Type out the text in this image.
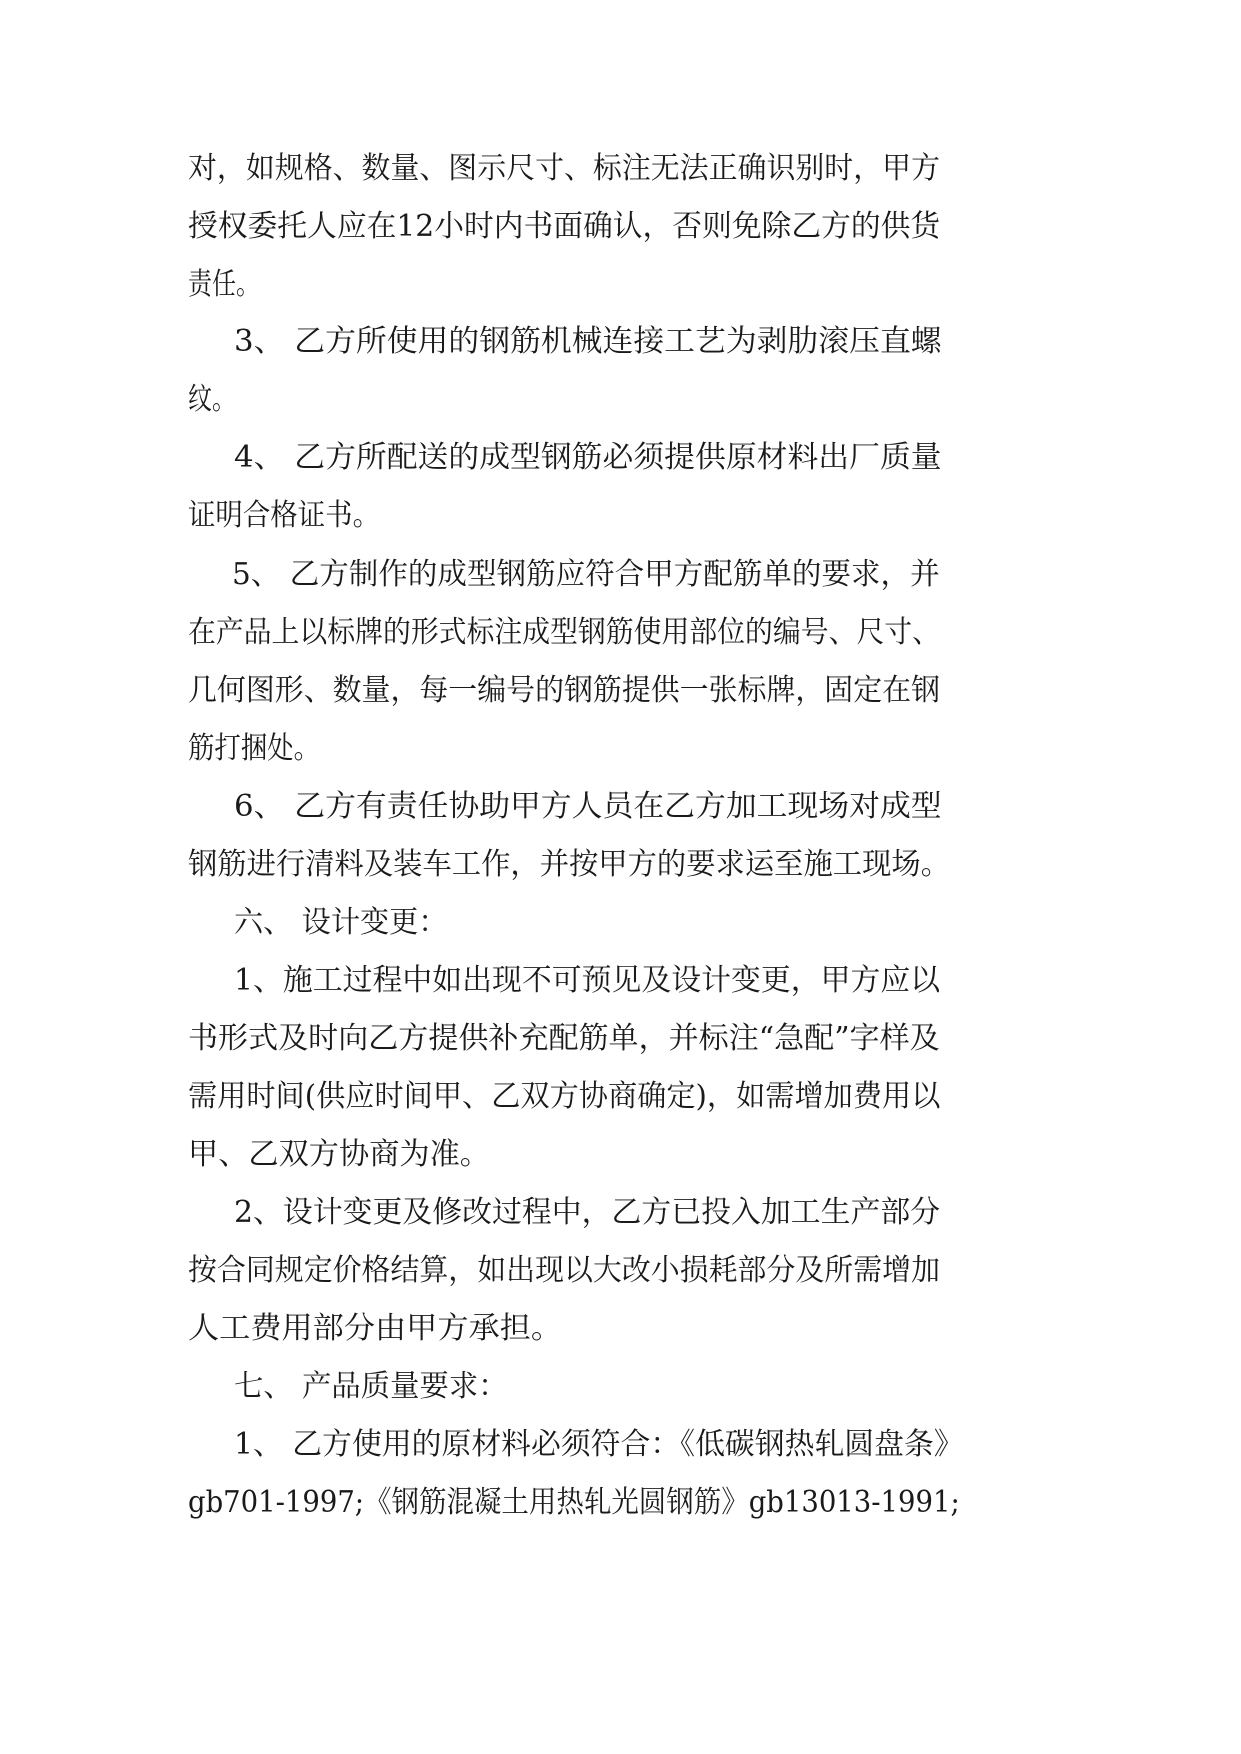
对，如规格、数量、图示尺寸、标注无法正确识别时，甲方
授权委托人应在12小时内书面确认，否则免除乙方的供货
责任。
3、 乙方所使用的钢筋机械连接工艺为剥肋滚压直螺
纹。
4、 乙方所配送的成型钢筋必须提供原材料出厂质量
证明合格证书。
5、 乙方制作的成型钢筋应符合甲方配筋单的要求，并
在产品上以标牌的形式标注成型钢筋使用部位的编号、尺寸、
几何图形、数量，每一编号的钢筋提供一张标牌，固定在钢
筋打捆处。
6、 乙方有责任协助甲方人员在乙方加工现场对成型
钢筋进行清料及装车工作，并按甲方的要求运至施工现场。
六、 设计变更：
1、施工过程中如出现不可预见及设计变更，甲方应以
书形式及时向乙方提供补充配筋单，并标注“急配”字样及
需用时间(供应时间甲、乙双方协商确定)，如需增加费用以
甲、乙双方协商为准。
2、设计变更及修改过程中，乙方已投入加工生产部分
按合同规定价格结算，如出现以大改小损耗部分及所需增加
人工费用部分由甲方承担。
七、 产品质量要求：
1、 乙方使用的原材料必须符合：《低碳钢热轧圆盘条》
gb701-1997;《钢筋混凝土用热轧光圆钢筋》gb13013-1991;
